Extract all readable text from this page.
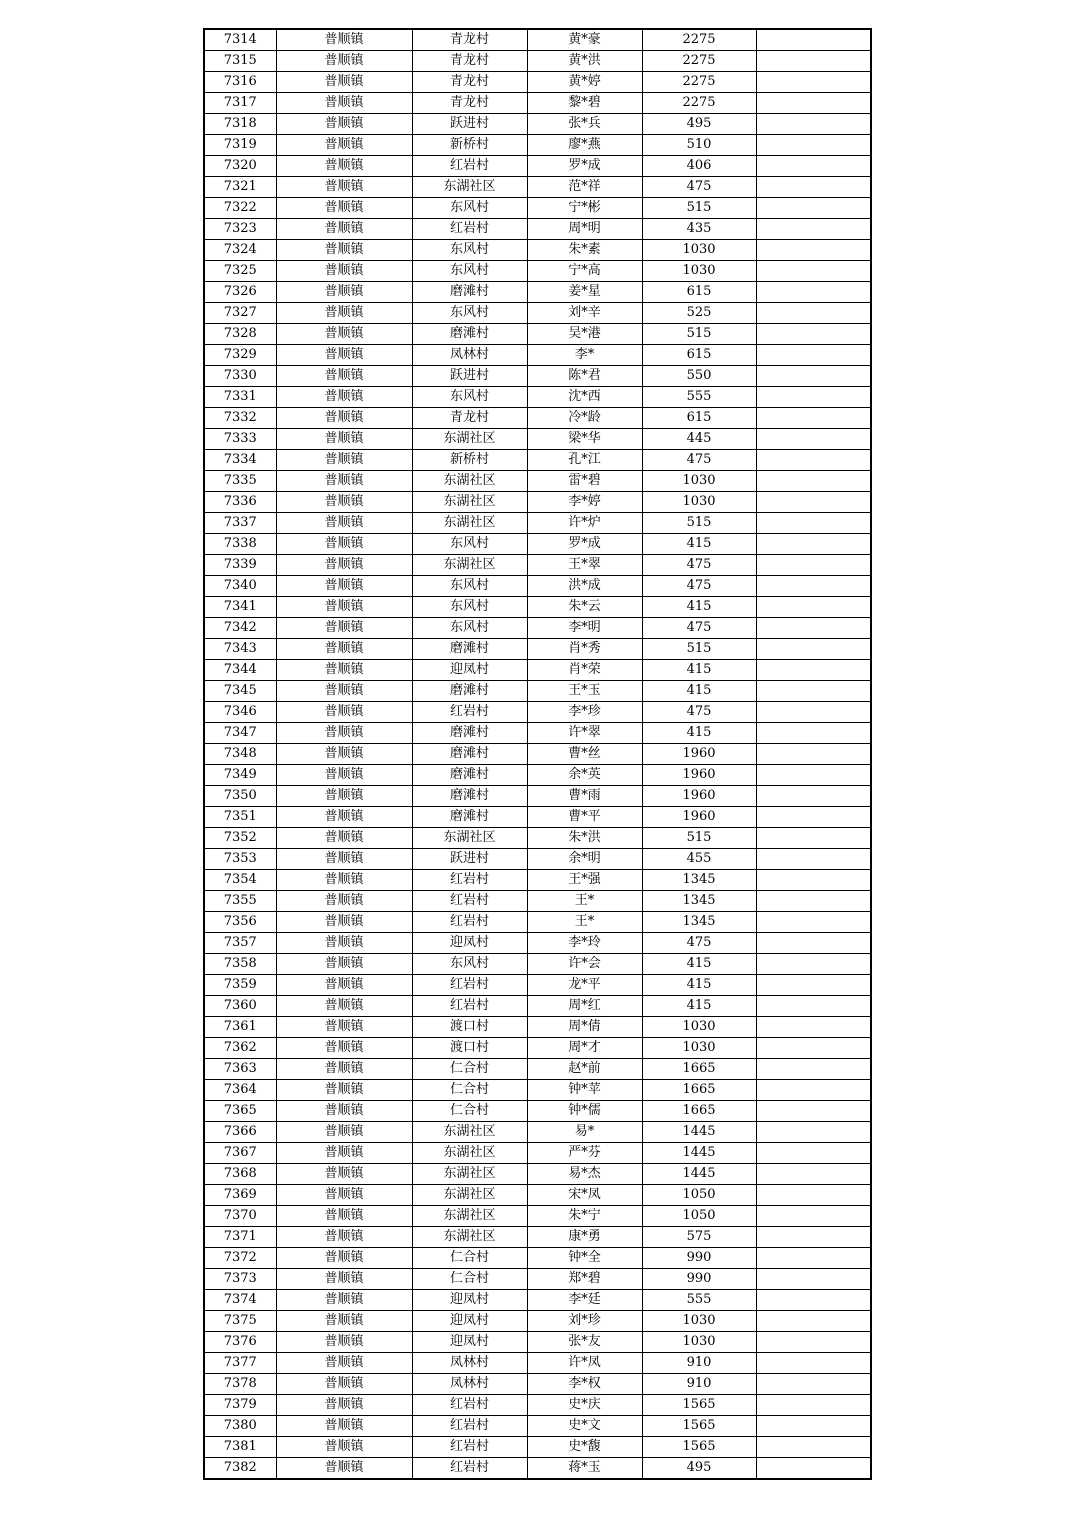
7314	普顺镇	青龙村	黄*豪	2275	
7315	普顺镇	青龙村	黄*洪	2275	
7316	普顺镇	青龙村	黄*婷	2275	
7317	普顺镇	青龙村	黎*碧	2275	
7318	普顺镇	跃进村	张*兵	495	
7319	普顺镇	新桥村	廖*燕	510	
7320	普顺镇	红岩村	罗*成	406	
7321	普顺镇	东湖社区	范*祥	475	
7322	普顺镇	东风村	宁*彬	515	
7323	普顺镇	红岩村	周*明	435	
7324	普顺镇	东风村	朱*素	1030	
7325	普顺镇	东风村	宁*高	1030	
7326	普顺镇	磨滩村	姜*星	615	
7327	普顺镇	东风村	刘*辛	525	
7328	普顺镇	磨滩村	吴*港	515	
7329	普顺镇	凤林村	李*	615	
7330	普顺镇	跃进村	陈*君	550	
7331	普顺镇	东风村	沈*西	555	
7332	普顺镇	青龙村	冷*龄	615	
7333	普顺镇	东湖社区	梁*华	445	
7334	普顺镇	新桥村	孔*江	475	
7335	普顺镇	东湖社区	雷*碧	1030	
7336	普顺镇	东湖社区	李*婷	1030	
7337	普顺镇	东湖社区	许*炉	515	
7338	普顺镇	东风村	罗*成	415	
7339	普顺镇	东湖社区	王*翠	475	
7340	普顺镇	东风村	洪*成	475	
7341	普顺镇	东风村	朱*云	415	
7342	普顺镇	东风村	李*明	475	
7343	普顺镇	磨滩村	肖*秀	515	
7344	普顺镇	迎凤村	肖*荣	415	
7345	普顺镇	磨滩村	王*玉	415	
7346	普顺镇	红岩村	李*珍	475	
7347	普顺镇	磨滩村	许*翠	415	
7348	普顺镇	磨滩村	曹*丝	1960	
7349	普顺镇	磨滩村	余*英	1960	
7350	普顺镇	磨滩村	曹*雨	1960	
7351	普顺镇	磨滩村	曹*平	1960	
7352	普顺镇	东湖社区	朱*洪	515	
7353	普顺镇	跃进村	余*明	455	
7354	普顺镇	红岩村	王*强	1345	
7355	普顺镇	红岩村	王*	1345	
7356	普顺镇	红岩村	王*	1345	
7357	普顺镇	迎凤村	李*玲	475	
7358	普顺镇	东风村	许*会	415	
7359	普顺镇	红岩村	龙*平	415	
7360	普顺镇	红岩村	周*红	415	
7361	普顺镇	渡口村	周*倩	1030	
7362	普顺镇	渡口村	周*才	1030	
7363	普顺镇	仁合村	赵*前	1665	
7364	普顺镇	仁合村	钟*苹	1665	
7365	普顺镇	仁合村	钟*儒	1665	
7366	普顺镇	东湖社区	易*	1445	
7367	普顺镇	东湖社区	严*芬	1445	
7368	普顺镇	东湖社区	易*杰	1445	
7369	普顺镇	东湖社区	宋*凤	1050	
7370	普顺镇	东湖社区	朱*宁	1050	
7371	普顺镇	东湖社区	康*勇	575	
7372	普顺镇	仁合村	钟*全	990	
7373	普顺镇	仁合村	郑*碧	990	
7374	普顺镇	迎凤村	李*廷	555	
7375	普顺镇	迎凤村	刘*珍	1030	
7376	普顺镇	迎凤村	张*友	1030	
7377	普顺镇	凤林村	许*凤	910	
7378	普顺镇	凤林村	李*权	910	
7379	普顺镇	红岩村	史*庆	1565	
7380	普顺镇	红岩村	史*文	1565	
7381	普顺镇	红岩村	史*馥	1565	
7382	普顺镇	红岩村	蒋*玉	495	
